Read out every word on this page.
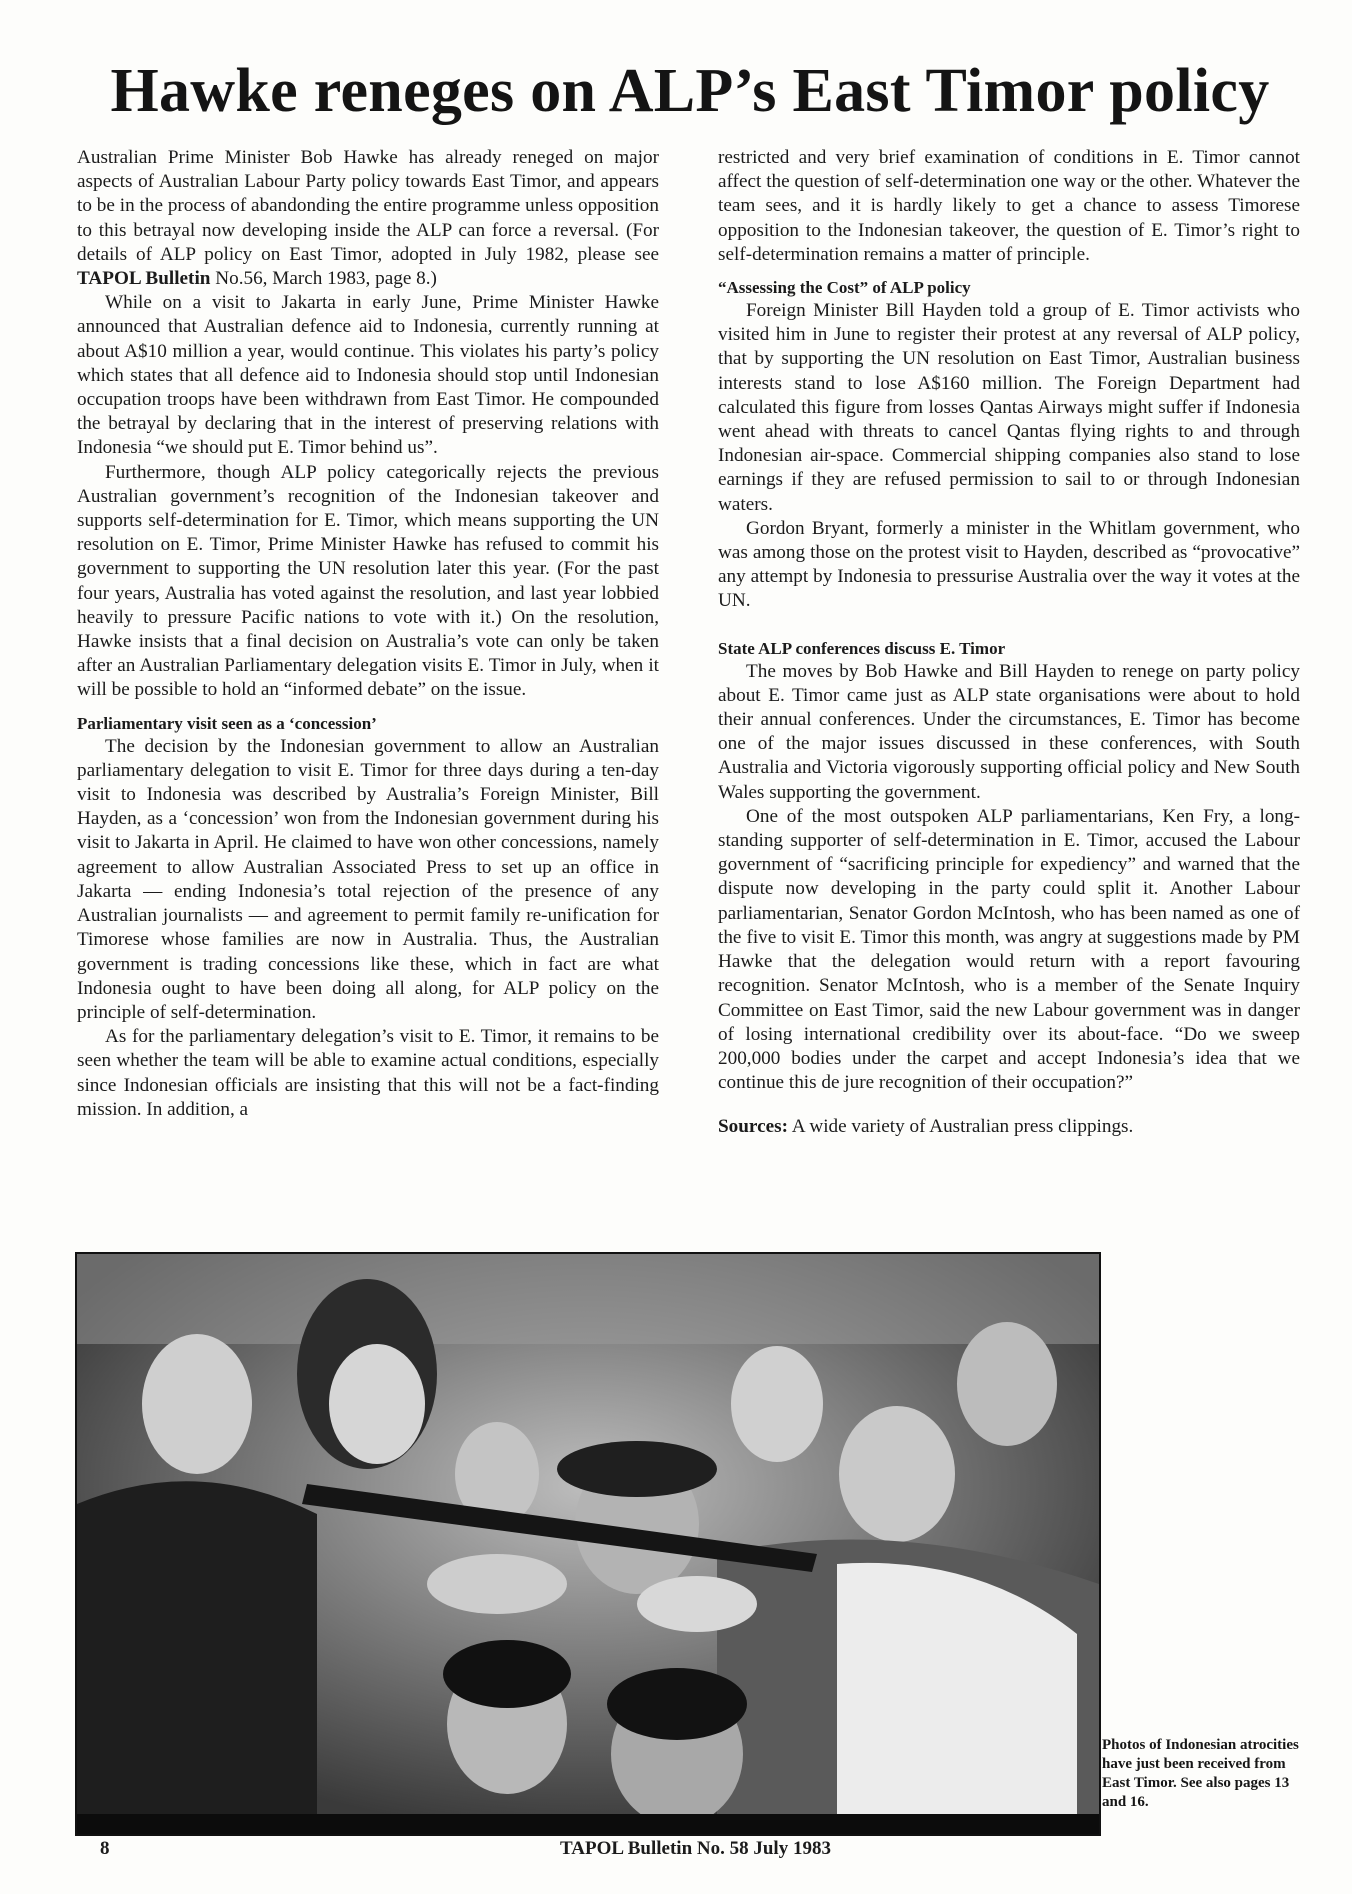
Hawke reneges on ALP’s East Timor policy

Australian Prime Minister Bob Hawke has already reneged on major aspects of Australian Labour Party policy towards East Timor, and appears to be in the process of abandonding the entire programme unless opposition to this betrayal now developing inside the ALP can force a reversal. (For details of ALP policy on East Timor, adopted in July 1982, please see TAPOL Bulletin No.56, March 1983, page 8.)

While on a visit to Jakarta in early June, Prime Minister Hawke announced that Australian defence aid to Indonesia, currently running at about A$10 million a year, would continue. This violates his party’s policy which states that all defence aid to Indonesia should stop until Indonesian occupation troops have been withdrawn from East Timor. He compounded the betrayal by declaring that in the interest of preserving relations with Indonesia “we should put E. Timor behind us”.

Furthermore, though ALP policy categorically rejects the previous Australian government’s recognition of the Indonesian takeover and supports self-determination for E. Timor, which means supporting the UN resolution on E. Timor, Prime Minister Hawke has refused to commit his government to supporting the UN resolution later this year. (For the past four years, Australia has voted against the resolution, and last year lobbied heavily to pressure Pacific nations to vote with it.) On the resolution, Hawke insists that a final decision on Australia’s vote can only be taken after an Australian Parliamentary delegation visits E. Timor in July, when it will be possible to hold an “informed debate” on the issue.

Parliamentary visit seen as a ‘concession’

The decision by the Indonesian government to allow an Australian parliamentary delegation to visit E. Timor for three days during a ten-day visit to Indonesia was described by Australia’s Foreign Minister, Bill Hayden, as a ‘concession’ won from the Indonesian government during his visit to Jakarta in April. He claimed to have won other concessions, namely agreement to allow Australian Associated Press to set up an office in Jakarta — ending Indonesia’s total rejection of the presence of any Australian journalists — and agreement to permit family re-unification for Timorese whose families are now in Australia. Thus, the Australian government is trading concessions like these, which in fact are what Indonesia ought to have been doing all along, for ALP policy on the principle of self-determination.

As for the parliamentary delegation’s visit to E. Timor, it remains to be seen whether the team will be able to examine actual conditions, especially since Indonesian officials are insisting that this will not be a fact-finding mission. In addition, a

restricted and very brief examination of conditions in E. Timor cannot affect the question of self-determination one way or the other. Whatever the team sees, and it is hardly likely to get a chance to assess Timorese opposition to the Indonesian takeover, the question of E. Timor’s right to self-determination remains a matter of principle.

“Assessing the Cost” of ALP policy

Foreign Minister Bill Hayden told a group of E. Timor activists who visited him in June to register their protest at any reversal of ALP policy, that by supporting the UN resolution on East Timor, Australian business interests stand to lose A$160 million. The Foreign Department had calculated this figure from losses Qantas Airways might suffer if Indonesia went ahead with threats to cancel Qantas flying rights to and through Indonesian air-space. Commercial shipping companies also stand to lose earnings if they are refused permission to sail to or through Indonesian waters.

Gordon Bryant, formerly a minister in the Whitlam government, who was among those on the protest visit to Hayden, described as “provocative” any attempt by Indonesia to pressurise Australia over the way it votes at the UN.

State ALP conferences discuss E. Timor

The moves by Bob Hawke and Bill Hayden to renege on party policy about E. Timor came just as ALP state organisations were about to hold their annual conferences. Under the circumstances, E. Timor has become one of the major issues discussed in these conferences, with South Australia and Victoria vigorously supporting official policy and New South Wales supporting the government.

One of the most outspoken ALP parliamentarians, Ken Fry, a long-standing supporter of self-determination in E. Timor, accused the Labour government of “sacrificing principle for expediency” and warned that the dispute now developing in the party could split it. Another Labour parliamentarian, Senator Gordon McIntosh, who has been named as one of the five to visit E. Timor this month, was angry at suggestions made by PM Hawke that the delegation would return with a report favouring recognition. Senator McIntosh, who is a member of the Senate Inquiry Committee on East Timor, said the new Labour government was in danger of losing international credibility over its about-face. “Do we sweep 200,000 bodies under the carpet and accept Indonesia’s idea that we continue this de jure recognition of their occupation?”

Sources: A wide variety of Australian press clippings.

Photos of Indonesian atrocities have just been received from East Timor. See also pages 13 and 16.

8	TAPOL Bulletin No. 58 July 1983
